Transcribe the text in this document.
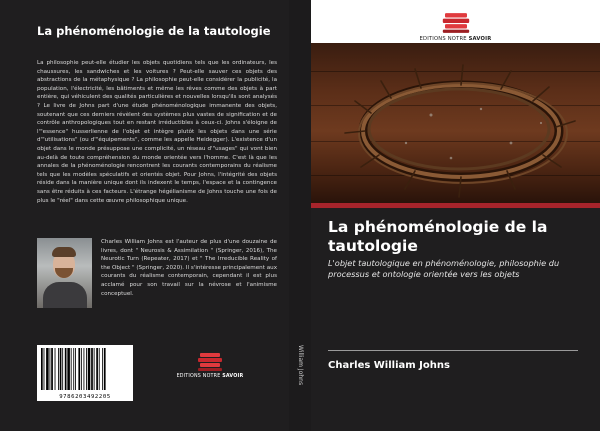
La phénoménologie de la tautologie
La philosophie peut-elle étudier les objets quotidiens tels que les ordinateurs, les chaussures, les sandwiches et les voitures ? Peut-elle sauver ces objets des abstractions de la métaphysique ? La philosophie peut-elle considérer la publicité, la population, l'électricité, les bâtiments et même les rêves comme des objets à part entière, qui véhiculent des qualités particulières et nouvelles lorsqu'ils sont analysés ? Le livre de Johns part d'une étude phénoménologique immanente des objets, soutenant que ces derniers révèlent des systèmes plus vastes de signification et de contrôle anthropologiques tout en restant irréductibles à ceux-ci. Johns s'éloigne de l'"essence" husserlienne de l'objet et intègre plutôt les objets dans une série d'"utilisations" (ou d'"équipements", comme les appelle Heidegger). L'existence d'un objet dans le monde présuppose une complicité, un réseau d'"usages" qui vont bien au-delà de toute compréhension du monde orientée vers l'homme. C'est là que les annales de la phénoménologie rencontrent les courants contemporains du réalisme tels que les modèles spéculatifs et orientés objet. Pour Johns, l'intégrité des objets réside dans la manière unique dont ils indexent le temps, l'espace et la contingence sans être réduits à ces facteurs. L'étrange hégélianisme de Johns touche une fois de plus le "réel" dans cette œuvre philosophique unique.
Charles William Johns est l'auteur de plus d'une douzaine de livres, dont " Neurosis & Assimilation " (Springer, 2016), The Neurotic Turn (Repeater, 2017) et " The Irreducible Reality of the Object " (Springer, 2020). Il s'intéresse principalement aux courants du réalisme contemporain, cependant il est plus acclamé pour son travail sur la névrose et l'animisme conceptuel.
9786203492205
EDITIONS NOTRE SAVOIR	William Johns
EDITIONS NOTRE SAVOIR
La phénoménologie de la tautologie
L'objet tautologique en phénoménologie, philosophie du processus et ontologie orientée vers les objets
Charles William Johns
